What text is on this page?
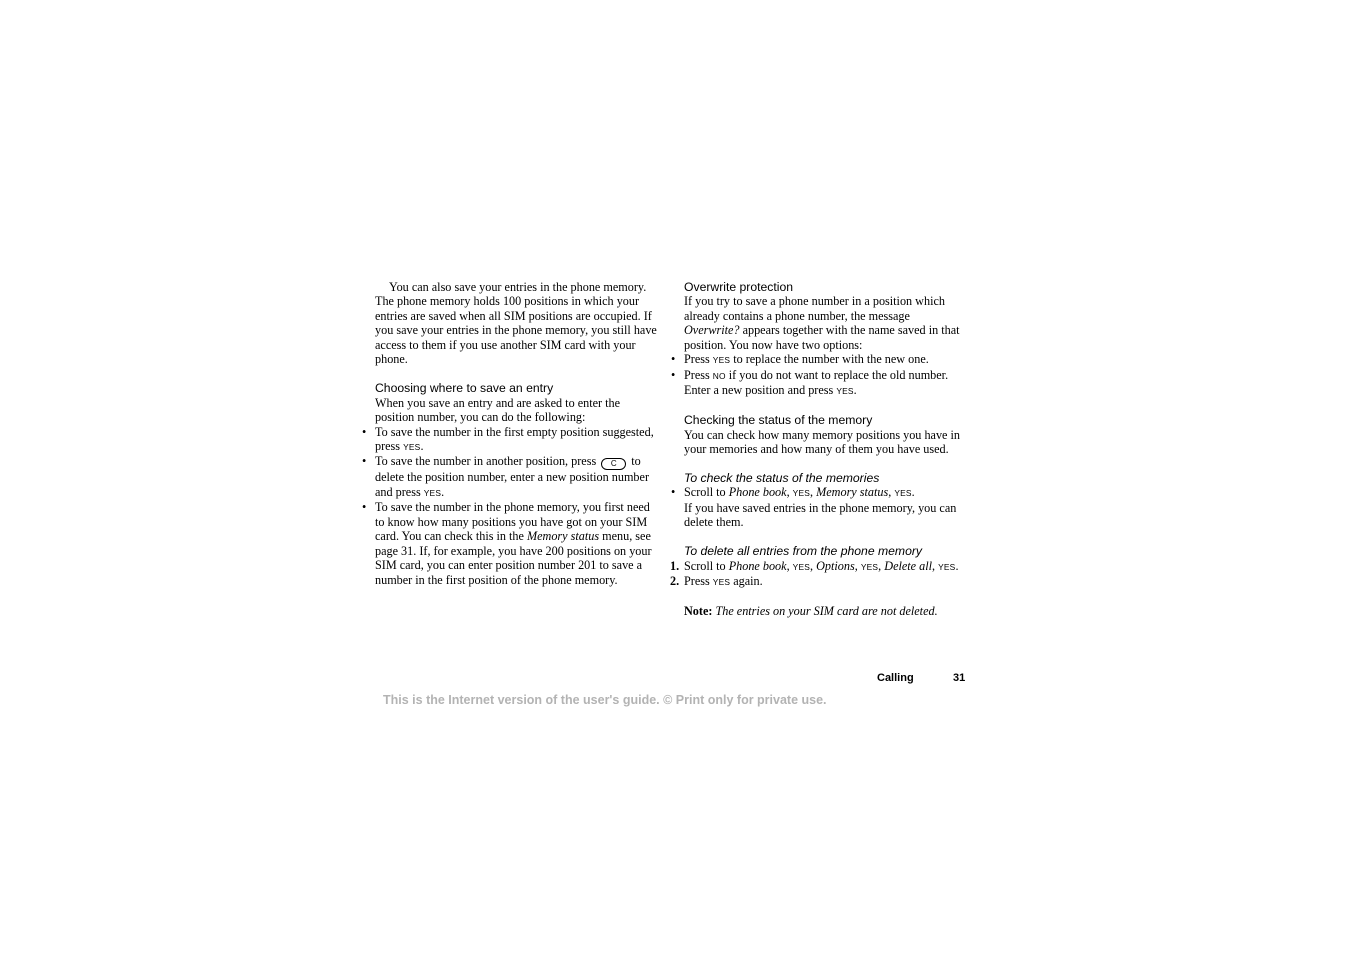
You can also save your entries in the phone memory. The phone memory holds 100 positions in which your entries are saved when all SIM positions are occupied. If you save your entries in the phone memory, you still have access to them if you use another SIM card with your phone.

Choosing where to save an entry

When you save an entry and are asked to enter the position number, you can do the following:

• To save the number in the first empty position suggested, press YES.
• To save the number in another position, press C to delete the position number, enter a new position number and press YES.
• To save the number in the phone memory, you first need to know how many positions you have got on your SIM card. You can check this in the Memory status menu, see page 31. If, for example, you have 200 positions on your SIM card, you can enter position number 201 to save a number in the first position of the phone memory.

Overwrite protection

If you try to save a phone number in a position which already contains a phone number, the message Overwrite? appears together with the name saved in that position. You now have two options:

• Press YES to replace the number with the new one.
• Press NO if you do not want to replace the old number. Enter a new position and press YES.

Checking the status of the memory

You can check how many memory positions you have in your memories and how many of them you have used.

To check the status of the memories

• Scroll to Phone book, YES, Memory status, YES.

If you have saved entries in the phone memory, you can delete them.

To delete all entries from the phone memory

1. Scroll to Phone book, YES, Options, YES, Delete all, YES.
2. Press YES again.

Note: The entries on your SIM card are not deleted.

Calling	31
This is the Internet version of the user's guide. © Print only for private use.
